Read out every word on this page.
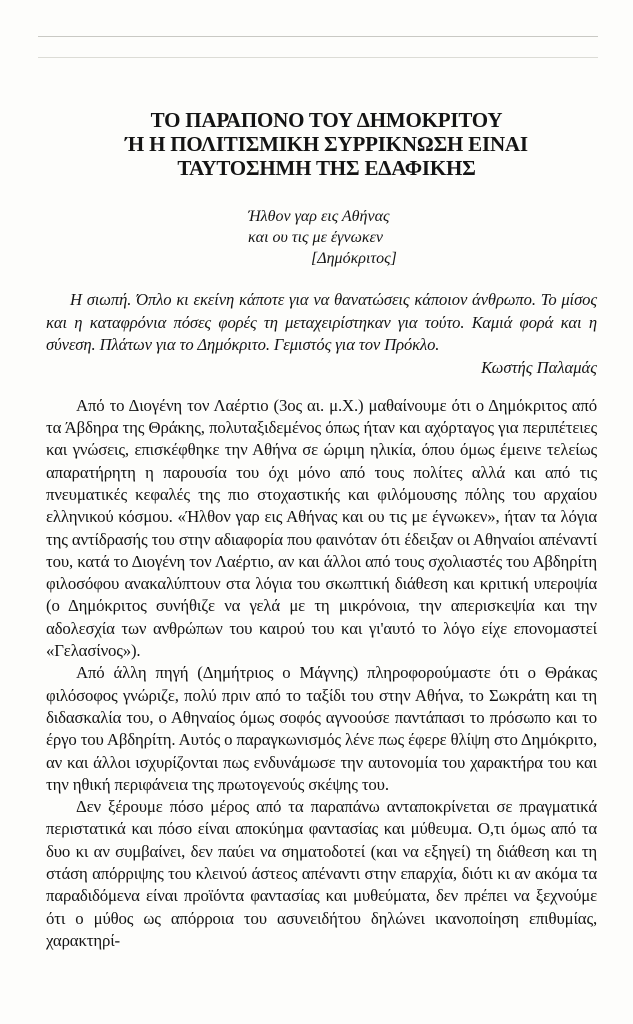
ΤΟ ΠΑΡΑΠΟΝΟ ΤΟΥ ΔΗΜΟΚΡΙΤΟΥ
Ή Η ΠΟΛΙΤΙΣΜΙΚΗ ΣΥΡΡΙΚΝΩΣΗ ΕΙΝΑΙ
ΤΑΥΤΟΣΗΜΗ ΤΗΣ ΕΔΑΦΙΚΗΣ
Ήλθον γαρ εις Αθήνας
και ου τις με έγνωκεν
[Δημόκριτος]
Η σιωπή. Όπλο κι εκείνη κάποτε για να θανατώσεις κάποιον άνθρωπο. Το μίσος και η καταφρόνια πόσες φορές τη μεταχειρίστηκαν για τούτο. Καμιά φορά και η σύνεση. Πλάτων για το Δημόκριτο. Γεμιστός για τον Πρόκλο.
Κωστής Παλαμάς

Από το Διογένη τον Λαέρτιο (3ος αι. μ.Χ.) μαθαίνουμε ότι ο Δημόκριτος από τα Άβδηρα της Θράκης, πολυταξιδεμένος όπως ήταν και αχόρταγος για περιπέτειες και γνώσεις, επισκέφθηκε την Αθήνα σε ώριμη ηλικία, όπου όμως έμεινε τελείως απαρατήρητη η παρουσία του όχι μόνο από τους πολίτες αλλά και από τις πνευματικές κεφαλές της πιο στοχαστικής και φιλόμουσης πόλης του αρχαίου ελληνικού κόσμου. «Ήλθον γαρ εις Αθήνας και ου τις με έγνωκεν», ήταν τα λόγια της αντίδρασής του στην αδιαφορία που φαινόταν ότι έδειξαν οι Αθηναίοι απέναντί του, κατά το Διογένη τον Λαέρτιο, αν και άλλοι από τους σχολιαστές του Αβδηρίτη φιλοσόφου ανακαλύπτουν στα λόγια του σκωπτική διάθεση και κριτική υπεροψία (ο Δημόκριτος συνήθιζε να γελά με τη μικρόνοια, την απερισκεψία και την αδολεσχία των ανθρώπων του καιρού του και γι'αυτό το λόγο είχε επονομαστεί «Γελασίνος»).

Από άλλη πηγή (Δημήτριος ο Μάγνης) πληροφορούμαστε ότι ο Θράκας φιλόσοφος γνώριζε, πολύ πριν από το ταξίδι του στην Αθήνα, το Σωκράτη και τη διδασκαλία του, ο Αθηναίος όμως σοφός αγνοούσε παντάπασι το πρόσωπο και το έργο του Αβδηρίτη. Αυτός ο παραγκωνισμός λένε πως έφερε θλίψη στο Δημόκριτο, αν και άλλοι ισχυρίζονται πως ενδυνάμωσε την αυτονομία του χαρακτήρα του και την ηθική περιφάνεια της πρωτογενούς σκέψης του.

Δεν ξέρουμε πόσο μέρος από τα παραπάνω ανταποκρίνεται σε πραγματικά περιστατικά και πόσο είναι αποκύημα φαντασίας και μύθευμα. Ο,τι όμως από τα δυο κι αν συμβαίνει, δεν παύει να σηματοδοτεί (και να εξηγεί) τη διάθεση και τη στάση απόρριψης του κλεινού άστεος απέναντι στην επαρχία, διότι κι αν ακόμα τα παραδιδόμενα είναι προϊόντα φαντασίας και μυθεύματα, δεν πρέπει να ξεχνούμε ότι ο μύθος ως απόρροια του ασυνειδήτου δηλώνει ικανοποίηση επιθυμίας, χαρακτηρί-
